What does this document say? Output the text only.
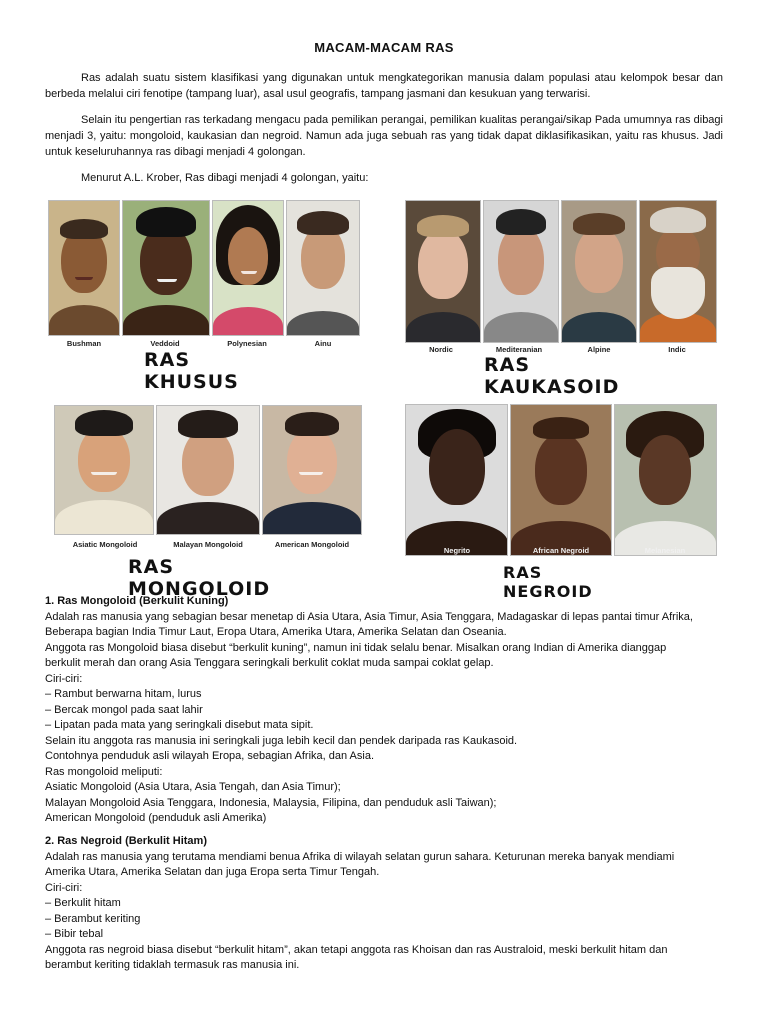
MACAM-MACAM RAS
Ras adalah suatu sistem klasifikasi yang digunakan untuk mengkategorikan manusia dalam populasi atau kelompok besar dan berbeda melalui ciri fenotipe (tampang luar), asal usul geografis, tampang jasmani dan kesukuan yang terwarisi.
Selain itu pengertian ras terkadang mengacu pada pemilikan perangai, pemilikan kualitas perangai/sikap Pada umumnya ras dibagi menjadi 3, yaitu: mongoloid, kaukasian dan negroid. Namun ada juga sebuah ras yang tidak dapat diklasifikasikan, yaitu ras khusus. Jadi untuk keseluruhannya ras dibagi menjadi 4 golongan.
Menurut A.L. Krober, Ras dibagi menjadi 4 golongan, yaitu:
Bushman	Veddoid	Polynesian	Ainu
RAS KHUSUS
Nordic	Mediteranian	Alpine	Indic
RAS KAUKASOID
Asiatic Mongoloid	Malayan Mongoloid	American Mongoloid
RAS MONGOLOID
Negrito	African Negroid	Melanesian
RAS NEGROID
1. Ras Mongoloid (Berkulit Kuning)
Adalah ras manusia yang sebagian besar menetap di Asia Utara, Asia Timur, Asia Tenggara, Madagaskar di lepas pantai timur Afrika,
Beberapa bagian India Timur Laut, Eropa Utara, Amerika Utara, Amerika Selatan dan Oseania.
Anggota ras Mongoloid biasa disebut “berkulit kuning”, namun ini tidak selalu benar. Misalkan orang Indian di Amerika dianggap
berkulit merah dan orang Asia Tenggara seringkali berkulit coklat muda sampai coklat gelap.
Ciri-ciri:
– Rambut berwarna hitam, lurus
– Bercak mongol pada saat lahir
– Lipatan pada mata yang seringkali disebut mata sipit.
Selain itu anggota ras manusia ini seringkali juga lebih kecil dan pendek daripada ras Kaukasoid.
Contohnya penduduk asli wilayah Eropa, sebagian Afrika, dan Asia.
Ras mongoloid meliputi:
Asiatic Mongoloid (Asia Utara, Asia Tengah, dan Asia Timur);
Malayan Mongoloid Asia Tenggara, Indonesia, Malaysia, Filipina, dan penduduk asli Taiwan);
American Mongoloid (penduduk asli Amerika)
2. Ras Negroid (Berkulit Hitam)
Adalah ras manusia yang terutama mendiami benua Afrika di wilayah selatan gurun sahara. Keturunan mereka banyak mendiami
Amerika Utara, Amerika Selatan dan juga Eropa serta Timur Tengah.
Ciri-ciri:
– Berkulit hitam
– Berambut keriting
– Bibir tebal
Anggota ras negroid biasa disebut “berkulit hitam”, akan tetapi anggota ras Khoisan dan ras Australoid, meski berkulit hitam dan
berambut keriting tidaklah termasuk ras manusia ini.
